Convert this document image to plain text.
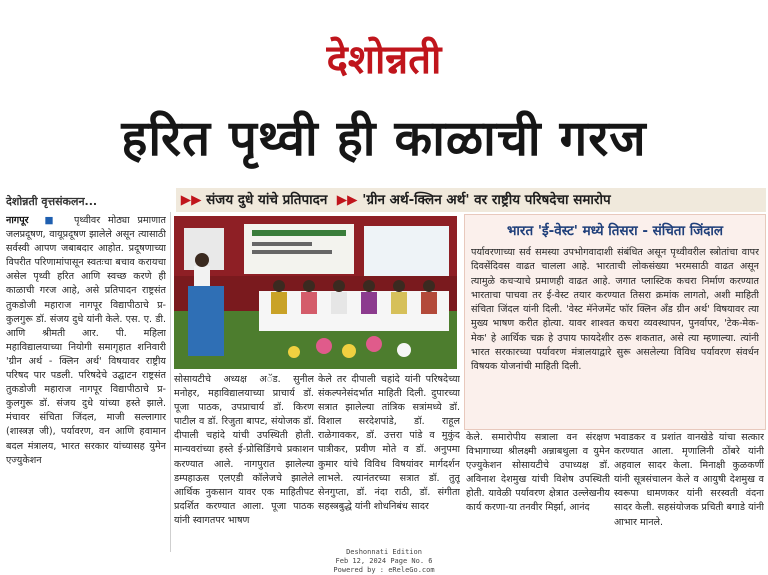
देशोन्नती
हरित पृथ्वी ही काळाची गरज
देशोन्नती वृत्तसंकलन...	▶▶ संजय दुधे यांचे प्रतिपादन  ▶▶ 'ग्रीन अर्थ-क्लिन अर्थ' वर राष्ट्रीय परिषदेचा समारोप
नागपूर  ■  पृथ्वीवर मोठ्या प्रमाणात जलप्रदूषण, वायूप्रदूषण झालेले असून त्यासाठी सर्वस्वी आपण जबाबदार आहोत. प्रदूषणाच्या विपरीत परिणामांपासून स्वतःचा बचाव करायचा असेल पृथ्वी हरित आणि स्वच्छ करणे ही काळाची गरज आहे, असे प्रतिपादन राष्ट्रसंत तुकडोजी महाराज नागपूर विद्यापीठाचे प्र-कुलगुरू डॉ. संजय दुधे यांनी केले. एस. ए. डी. आणि श्रीमती आर. पी. महिला महाविद्यालयाच्या नियोगी समागृहात शनिवारी 'ग्रीन अर्थ - क्लिन अर्थ' विषयावर राष्ट्रीय परिषद पार पडली. परिषदेचे उद्घाटन राष्ट्रसंत तुकडोजी महाराज नागपूर विद्यापीठाचे प्र-कुलगुरू डॉ. संजय दुधे यांच्या हस्ते झाले. मंचावर संचिता जिंदल, माजी सल्लागार (शास्त्रज्ञ जी), पर्यावरण, वन आणि हवामान बदल मंत्रालय, भारत सरकार यांच्यासह युमेन एज्युकेशन
सोसायटीचे अध्यक्ष अॅड. सुनील मनोहर, महाविद्यालयाच्या प्राचार्य डॉ. पूजा पाठक, उपप्राचार्य डॉ. किरण पाटील व डॉ. रिजुता बापट, संयोजक डॉ. दीपाली चहांदे यांची उपस्थिती होती. मान्यवरांच्या हस्ते ई-प्रोसिडिंगचे प्रकाशन करण्यात आले. नागपुरात झालेल्या डम्पहाऊस एलएडी कॉलेजचे झालेले आर्थिक नुकसान यावर एक माहितीपट प्रदर्शित करण्यात आला. पूजा पाठक यांनी स्वागतपर भाषण
केले तर दीपाली चहांदे यांनी परिषदेच्या संकल्पनेसंदर्भात माहिती दिली. दुपारच्या सत्रात झालेल्या तांत्रिक सत्रांमध्ये डॉ. विशाल सरदेशपांडे, डॉ. राहूल राळेगावकर, डॉ. उत्तरा पांडे व मुकुंद पात्रीकर, प्रवीण मोते व डॉ. अनुपमा कुमार यांचे विविध विषयांवर मार्गदर्शन लाभले. त्यानंतरच्या सत्रात डॉ. तुतू सेनगुप्ता, डॉ. नंदा राठी, डॉ. संगीता सहस्त्रबुद्धे यांनी शोधनिबंध सादर
भारत 'ई-वेस्ट' मध्ये तिसरा - संचिता जिंदाल
पर्यावरणाच्या सर्व समस्या उपभोगवादाशी संबंधित असून पृथ्वीवरील स्त्रोतांचा वापर दिवसेंदिवस वाढत चालला आहे. भारताची लोकसंख्या भरमसाठी वाढत असून त्यामुळे कचऱ्याचे प्रमाणही वाढत आहे. जगात प्लास्टिक कचरा निर्माण करण्यात भारताचा पाचवा तर ई-वेस्ट तयार करण्यात तिसरा क्रमांक लागतो, अशी माहिती संचिता जिंदल यांनी दिली. 'वेस्ट मॅनेजमेंट फॉर क्लिन अँड ग्रीन अर्थ' विषयावर त्या मुख्य भाषण करीत होत्या. यावर शाश्वत कचरा व्यवस्थापन, पुनर्वापर, 'टेक-मेक-मेक' हे आर्थिक चक्र हे उपाय फायदेशीर ठरू शकतात, असे त्या म्हणाल्या. त्यांनी भारत सरकारच्या पर्यावरण मंत्रालयाद्वारे सुरू असलेल्या विविध पर्यावरण संवर्धन विषयक योजनांची माहिती दिली.
केले. समारोपीय सत्राला वन संरक्षण विभागाच्या श्रीलक्ष्मी अन्नाबथुला व युमेन एज्युकेशन सोसायटीचे उपाध्यक्ष डॉ. अविनाश देशमुख यांची विशेष उपस्थिती होती. यावेळी पर्यावरण क्षेत्रात उल्लेखनीय कार्य करणा-या तनवीर मिर्झा, आनंद
भवाडकर व प्रशांत वानखेडे यांचा सत्कार करण्यात आला. मृणालिनी ठोंबरे यांनी अहवाल सादर केला. मिनाक्षी कुळकर्णी यांनी सूत्रसंचालन केले व आयुषी देशमुख व स्वरूपा धामणकर यांनी सरस्वती वंदना सादर केली. सहसंयोजक प्रचिती बगाडे यांनी आभार मानले.
Deshonnati Edition
Feb 12, 2024 Page No. 6
Powered by : eReleGo.com
